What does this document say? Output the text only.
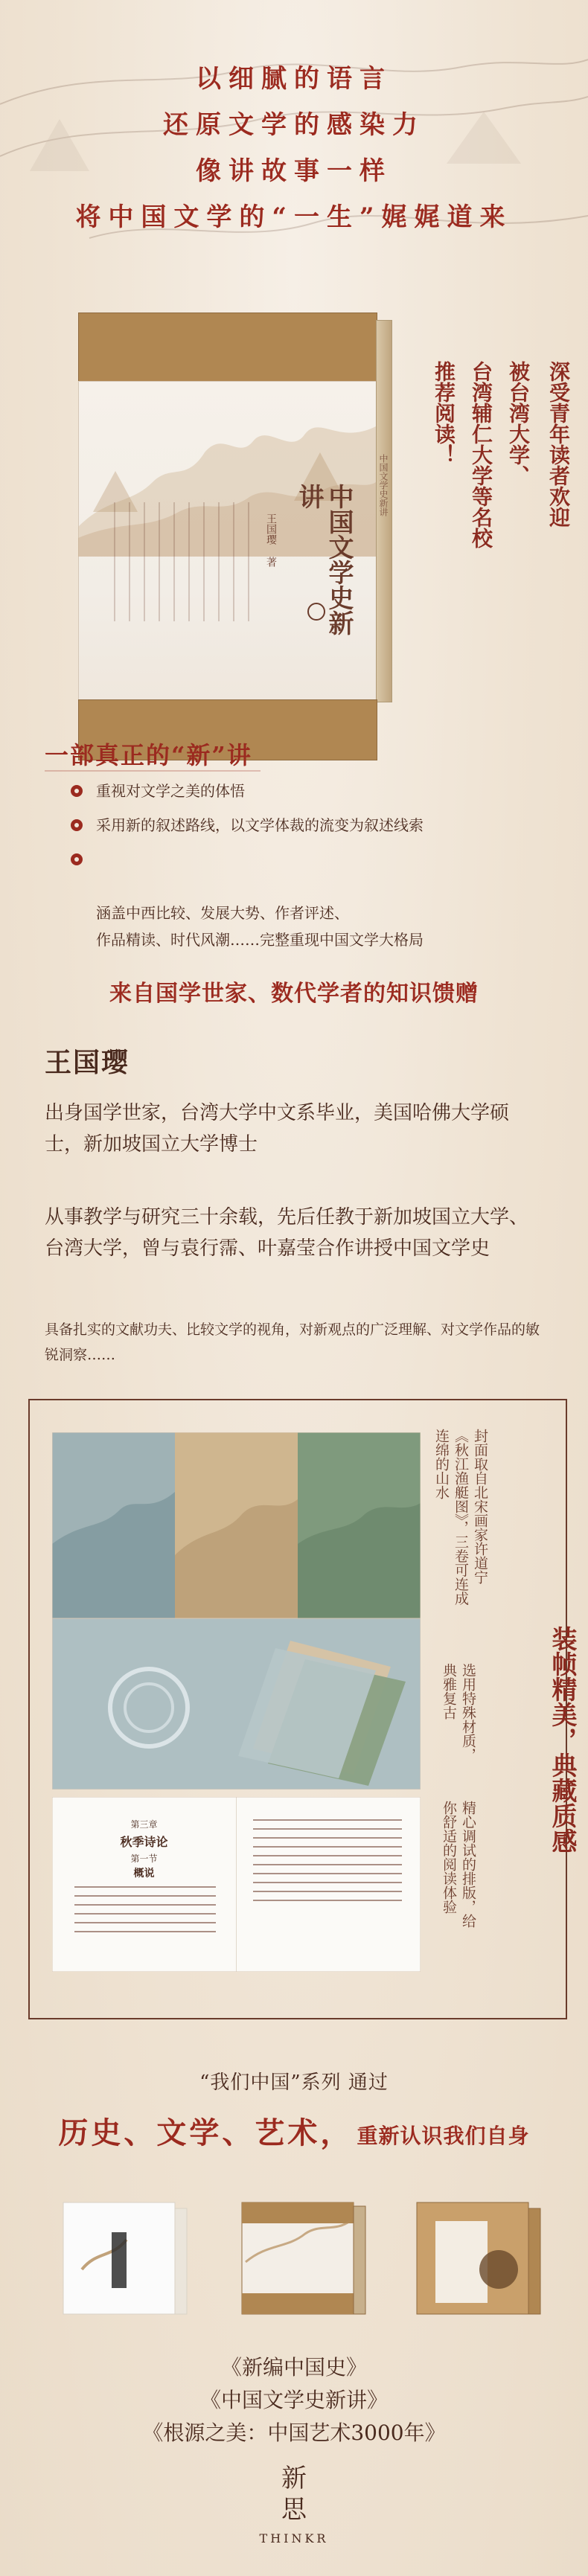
以细腻的语言
还原文学的感染力
像讲故事一样
将中国文学的“一生”娓娓道来
中国文学史新讲
王国璎 著
中国文学史新讲	深受青年读者欢迎
被台湾大学、
台湾辅仁大学等名校
推荐阅读！
一部真正的“新”讲
重视对文学之美的体悟
采用新的叙述路线，以文学体裁的流变为叙述线索

涵盖中西比较、发展大势、作者评述、
作品精读、时代风潮……完整重现中国文学大格局

来自国学世家、数代学者的知识馈赠
王国璎
出身国学世家，台湾大学中文系毕业，美国哈佛大学硕士，新加坡国立大学博士
从事教学与研究三十余载，先后任教于新加坡国立大学、台湾大学，曾与袁行霈、叶嘉莹合作讲授中国文学史
具备扎实的文献功夫、比较文学的视角，对新观点的广泛理解、对文学作品的敏锐洞察……
第三章
秋季诗论
第一节
概说
封面取自北宋画家许道宁《秋江渔艇图》，三卷可连成连绵的山水
选用特殊材质，典雅复古
精心调试的排版，给你舒适的阅读体验
装帧精美，典藏质感
“我们中国”系列 通过
历史、文学、艺术， 重新认识我们自身
《新编中国史》
《中国文学史新讲》
《根源之美：中国艺术3000年》
新
思
THINKR
